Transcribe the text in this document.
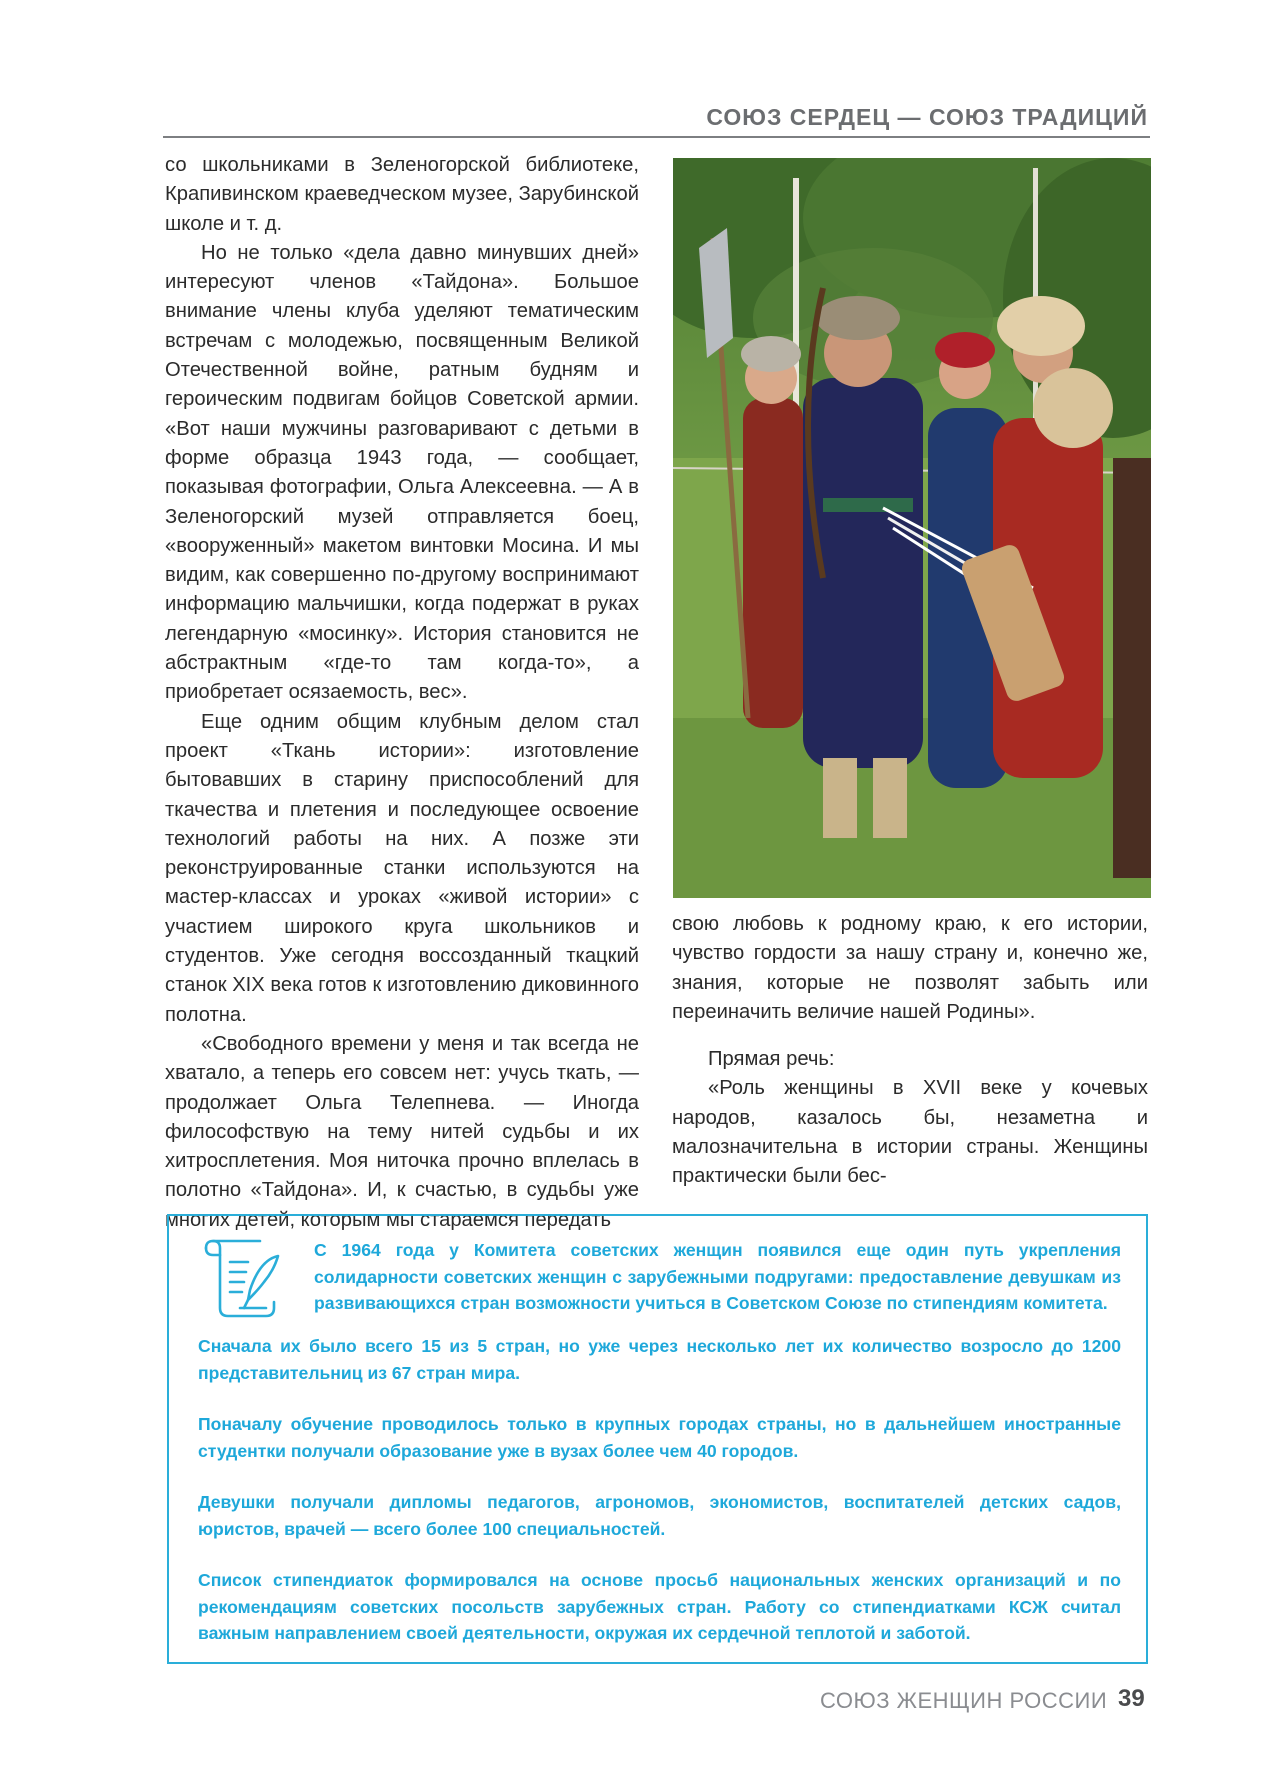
СОЮЗ СЕРДЕЦ — СОЮЗ ТРАДИЦИЙ

со школьниками в Зеленогорской библиотеке, Крапивинском краеведческом музее, Зарубинской школе и т. д.

Но не только «дела давно минувших дней» интересуют членов «Тайдона». Большое внимание члены клуба уделяют тематическим встречам с молодежью, посвященным Великой Отечественной войне, ратным будням и героическим подвигам бойцов Советской армии. «Вот наши мужчины разговаривают с детьми в форме образца 1943 года, — сообщает, показывая фотографии, Ольга Алексеевна. — А в Зеленогорский музей отправляется боец, «вооруженный» макетом винтовки Мосина. И мы видим, как совершенно по-другому воспринимают информацию мальчишки, когда подержат в руках легендарную «мосинку». История становится не абстрактным «где-то там когда-то», а приобретает осязаемость, вес».

Еще одним общим клубным делом стал проект «Ткань истории»: изготовление бытовавших в старину приспособлений для ткачества и плетения и последующее освоение технологий работы на них. А позже эти реконструированные станки используются на мастер-классах и уроках «живой истории» с участием широкого круга школьников и студентов. Уже сегодня воссозданный ткацкий станок XIX века готов к изготовлению диковинного полотна.

«Свободного времени у меня и так всегда не хватало, а теперь его совсем нет: учусь ткать, — продолжает Ольга Телепнева. — Иногда философствую на тему нитей судьбы и их хитросплетения. Моя ниточка прочно вплелась в полотно «Тайдона». И, к счастью, в судьбы уже многих детей, которым мы стараемся передать

свою любовь к родному краю, к его истории, чувство гордости за нашу страну и, конечно же, знания, которые не позволят забыть или переиначить величие нашей Родины».

Прямая речь:

«Роль женщины в XVII веке у кочевых народов, казалось бы, незаметна и малозначительна в истории страны. Женщины практически были бес-

С 1964 года у Комитета советских женщин появился еще один путь укрепления солидарности советских женщин с зарубежными подругами: предоставление девушкам из развивающихся стран возможности учиться в Советском Союзе по стипендиям комитета.

Сначала их было всего 15 из 5 стран, но уже через несколько лет их количество возросло до 1200 представительниц из 67 стран мира.

Поначалу обучение проводилось только в крупных городах страны, но в дальнейшем иностранные студентки получали образование уже в вузах более чем 40 городов.

Девушки получали дипломы педагогов, агрономов, экономистов, воспитателей детских садов, юристов, врачей — всего более 100 специальностей.

Список стипендиаток формировался на основе просьб национальных женских организаций и по рекомендациям советских посольств зарубежных стран. Работу со стипендиатками КСЖ считал важным направлением своей деятельности, окружая их сердечной теплотой и заботой.

СОЮЗ ЖЕНЩИН РОССИИ 39
